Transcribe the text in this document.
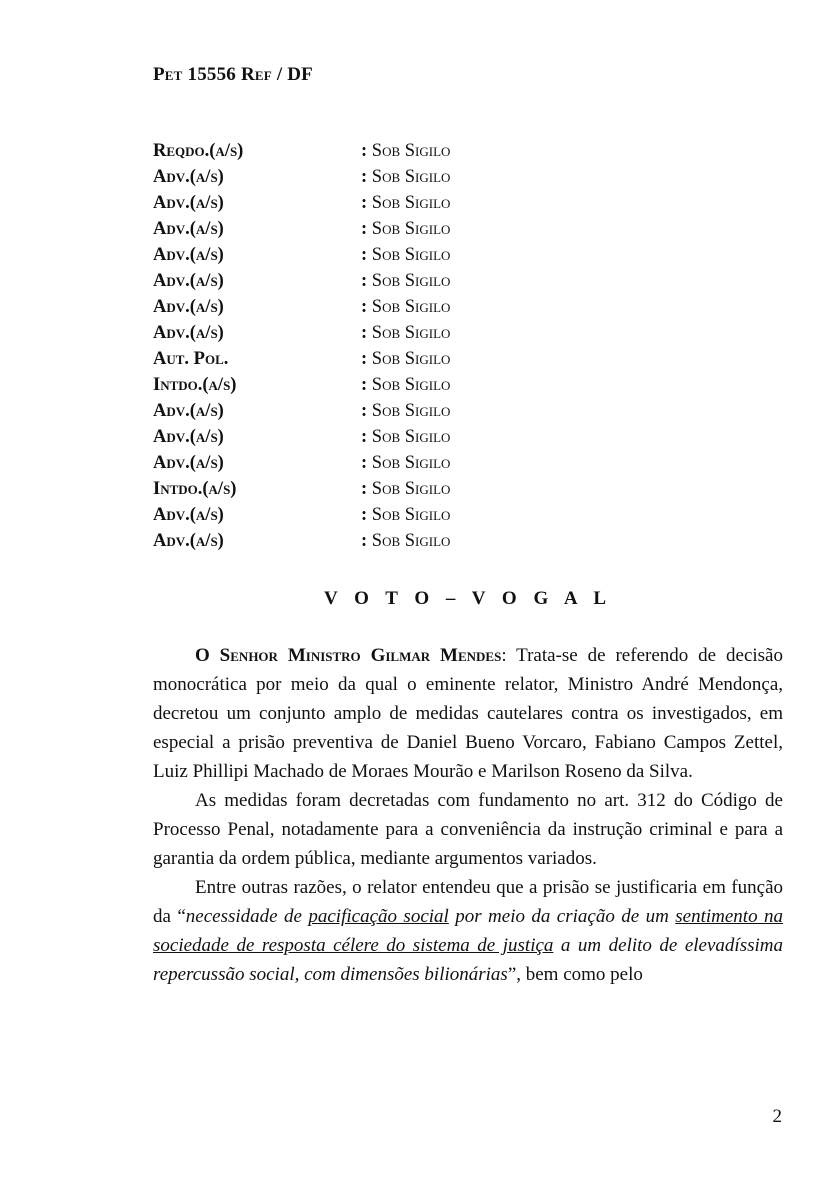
Pet 15556 Ref / DF
Reqdo.(a/s)	: Sob Sigilo
Adv.(a/s)	: Sob Sigilo
Adv.(a/s)	: Sob Sigilo
Adv.(a/s)	: Sob Sigilo
Adv.(a/s)	: Sob Sigilo
Adv.(a/s)	: Sob Sigilo
Adv.(a/s)	: Sob Sigilo
Adv.(a/s)	: Sob Sigilo
Aut. Pol.	: Sob Sigilo
Intdo.(a/s)	: Sob Sigilo
Adv.(a/s)	: Sob Sigilo
Adv.(a/s)	: Sob Sigilo
Adv.(a/s)	: Sob Sigilo
Intdo.(a/s)	: Sob Sigilo
Adv.(a/s)	: Sob Sigilo
Adv.(a/s)	: Sob Sigilo
V O T O – V O G A L

O Senhor Ministro Gilmar Mendes: Trata-se de referendo de decisão monocrática por meio da qual o eminente relator, Ministro André Mendonça, decretou um conjunto amplo de medidas cautelares contra os investigados, em especial a prisão preventiva de Daniel Bueno Vorcaro, Fabiano Campos Zettel, Luiz Phillipi Machado de Moraes Mourão e Marilson Roseno da Silva.

As medidas foram decretadas com fundamento no art. 312 do Código de Processo Penal, notadamente para a conveniência da instrução criminal e para a garantia da ordem pública, mediante argumentos variados.

Entre outras razões, o relator entendeu que a prisão se justificaria em função da “necessidade de pacificação social por meio da criação de um sentimento na sociedade de resposta célere do sistema de justiça a um delito de elevadíssima repercussão social, com dimensões bilionárias”, bem como pelo

2
